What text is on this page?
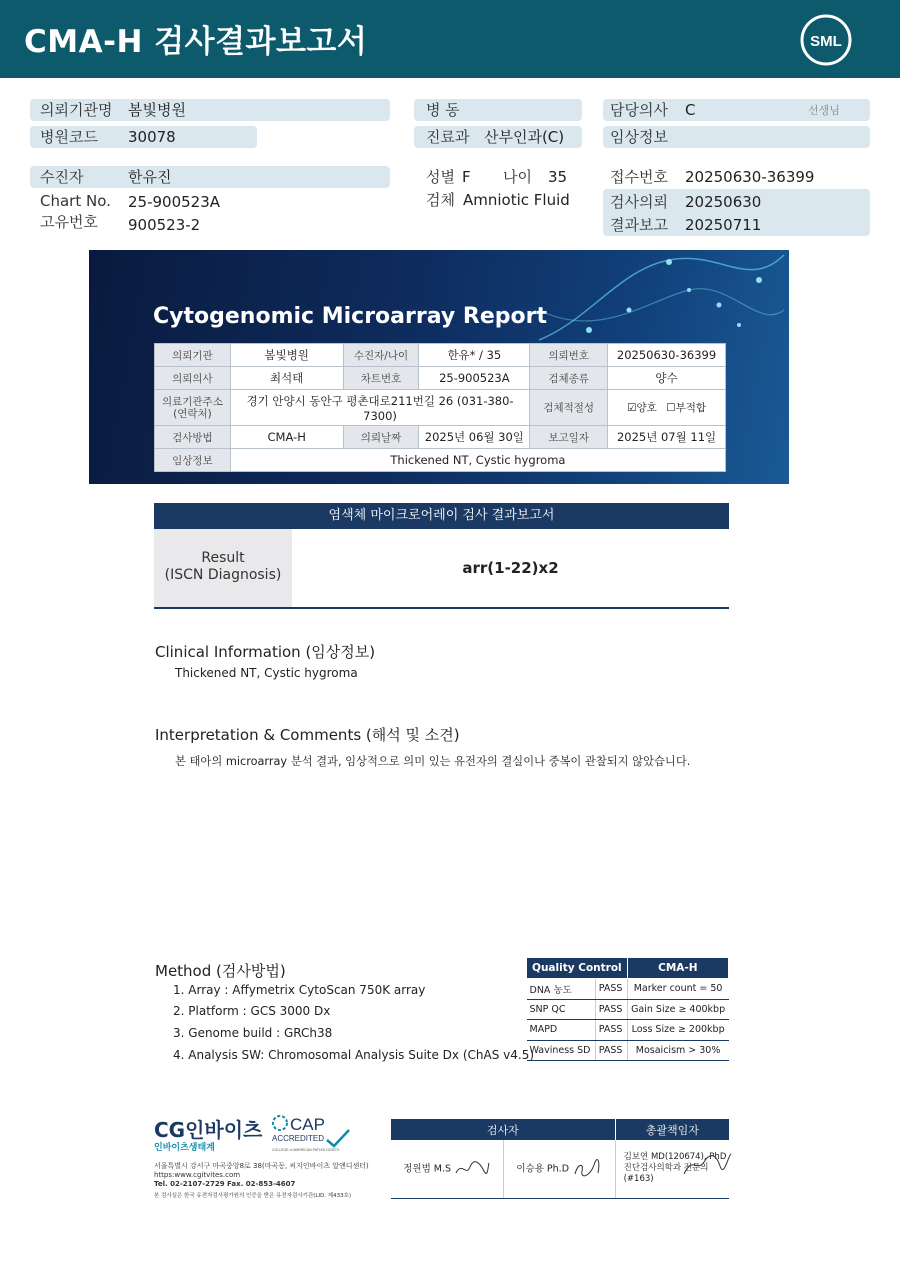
CMA-H 검사결과보고서	SML
의뢰기관명 봄빛병원
병원코드 30078
수진자	한유진
Chart No. 25-900523A
고유번호 900523-2
병 동
진료과 산부인과(C)
성별 F 나이 35
검체 Amniotic Fluid
담당의사 C	선생님
임상정보
접수번호 20250630-36399
검사의뢰 20250630
결과보고 20250711
Cytogenomic Microarray Report
의뢰기관	봄빛병원	수진자/나이	한유* / 35	의뢰번호	20250630-36399
의뢰의사	최석태	차트번호	25-900523A	검체종류	양수

의료기관주소
(연락처)	경기 안양시 동안구 평촌대로211번길 26 (031-380-7300)			검체적절성	☑양호 ☐부적합
검사방법	CMA-H	의뢰날짜	2025년 06월 30일	보고일자	2025년 07월 11일
임상정보	Thickened NT, Cystic hygroma				
염색체 마이크로어레이 검사 결과보고서
Result
(ISCN Diagnosis)	arr(1-22)x2
Clinical Information (임상정보)
Thickened NT, Cystic hygroma
Interpretation & Comments (해석 및 소견)
본 태아의 microarray 분석 결과, 임상적으로 의미 있는 유전자의 결실이나 중복이 관찰되지 않았습니다.
Method (검사방법)
1. Array : Affymetrix CytoScan 750K array
2. Platform : GCS 3000 Dx
3. Genome build : GRCh38
4. Analysis SW: Chromosomal Analysis Suite Dx (ChAS v4.5)
Quality Control		CMA-H
DNA 농도	PASS	Marker count = 50
SNP QC	PASS	Gain Size ≥ 400kbp
MAPD	PASS	Loss Size ≥ 200kbp
Waviness SD	PASS	Mosaicism > 30%
CG인바이츠
인바이츠생태계
CAP
ACCREDITED
COLLEGE of AMERICAN PATHOLOGISTS
서울특별시 강서구 마곡중앙8로 38(마곡동, 씨지인바이츠 알앤디센터)
https:www.cgitvites.com
Tel. 02-2107-2729 Fax. 02-853-4607
본 검사실은 한국 유전자검사평가원의 인증을 받은 유전자검사기관(LID. 제433호)
검사자		총괄책임자
정원범 M.S	이승용 Ph.D	김보연 MD(120674), PhD
진단검사의학과 전문의(#163)
